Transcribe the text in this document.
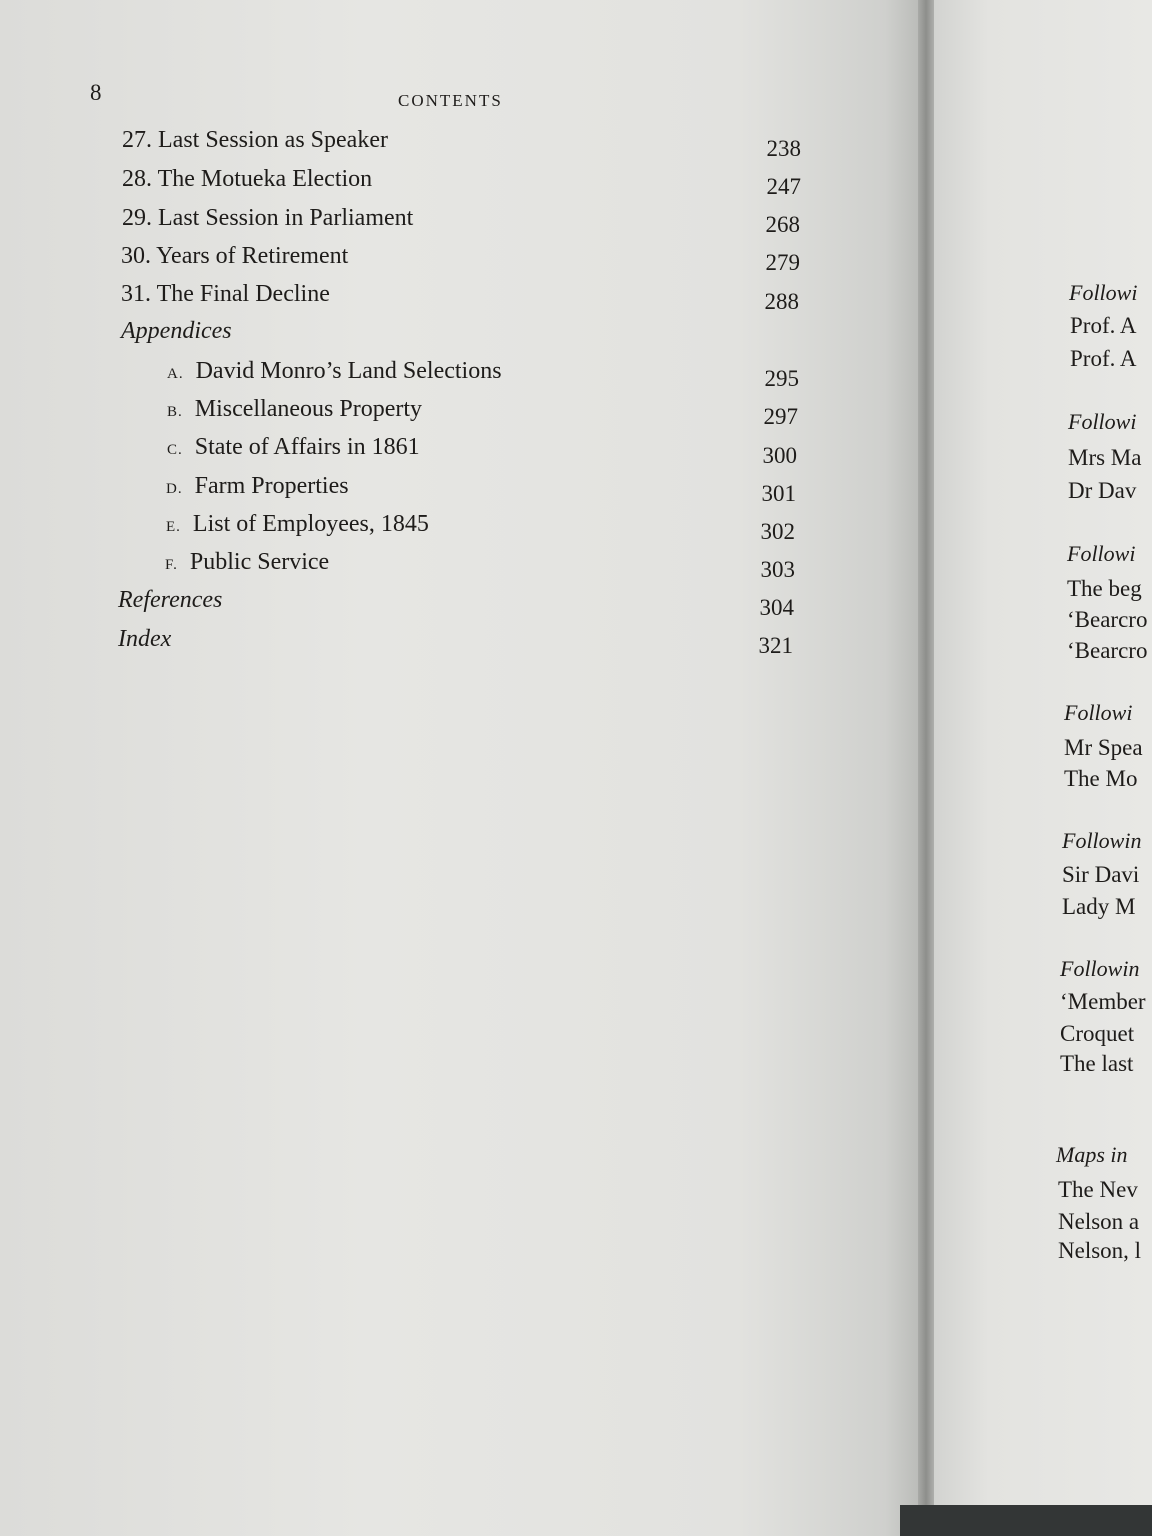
8	CONTENTS
27. Last Session as Speaker	238
28. The Motueka Election	247
29. Last Session in Parliament	268
30. Years of Retirement	279
31. The Final Decline	288
Appendices
A. David Monro’s Land Selections	295
B. Miscellaneous Property	297
C. State of Affairs in 1861	300
D. Farm Properties	301
E. List of Employees, 1845	302
F. Public Service	303
References	304
Index	321
Followi
Prof. A
Prof. A
Followi
Mrs Ma
Dr Dav
Followi
The beg
‘Bearcro
‘Bearcro
Followi
Mr Spea
The Mo
Followin
Sir Davi
Lady M
Followin
‘Member
Croquet
The last
Maps in
The Nev
Nelson a
Nelson, l
